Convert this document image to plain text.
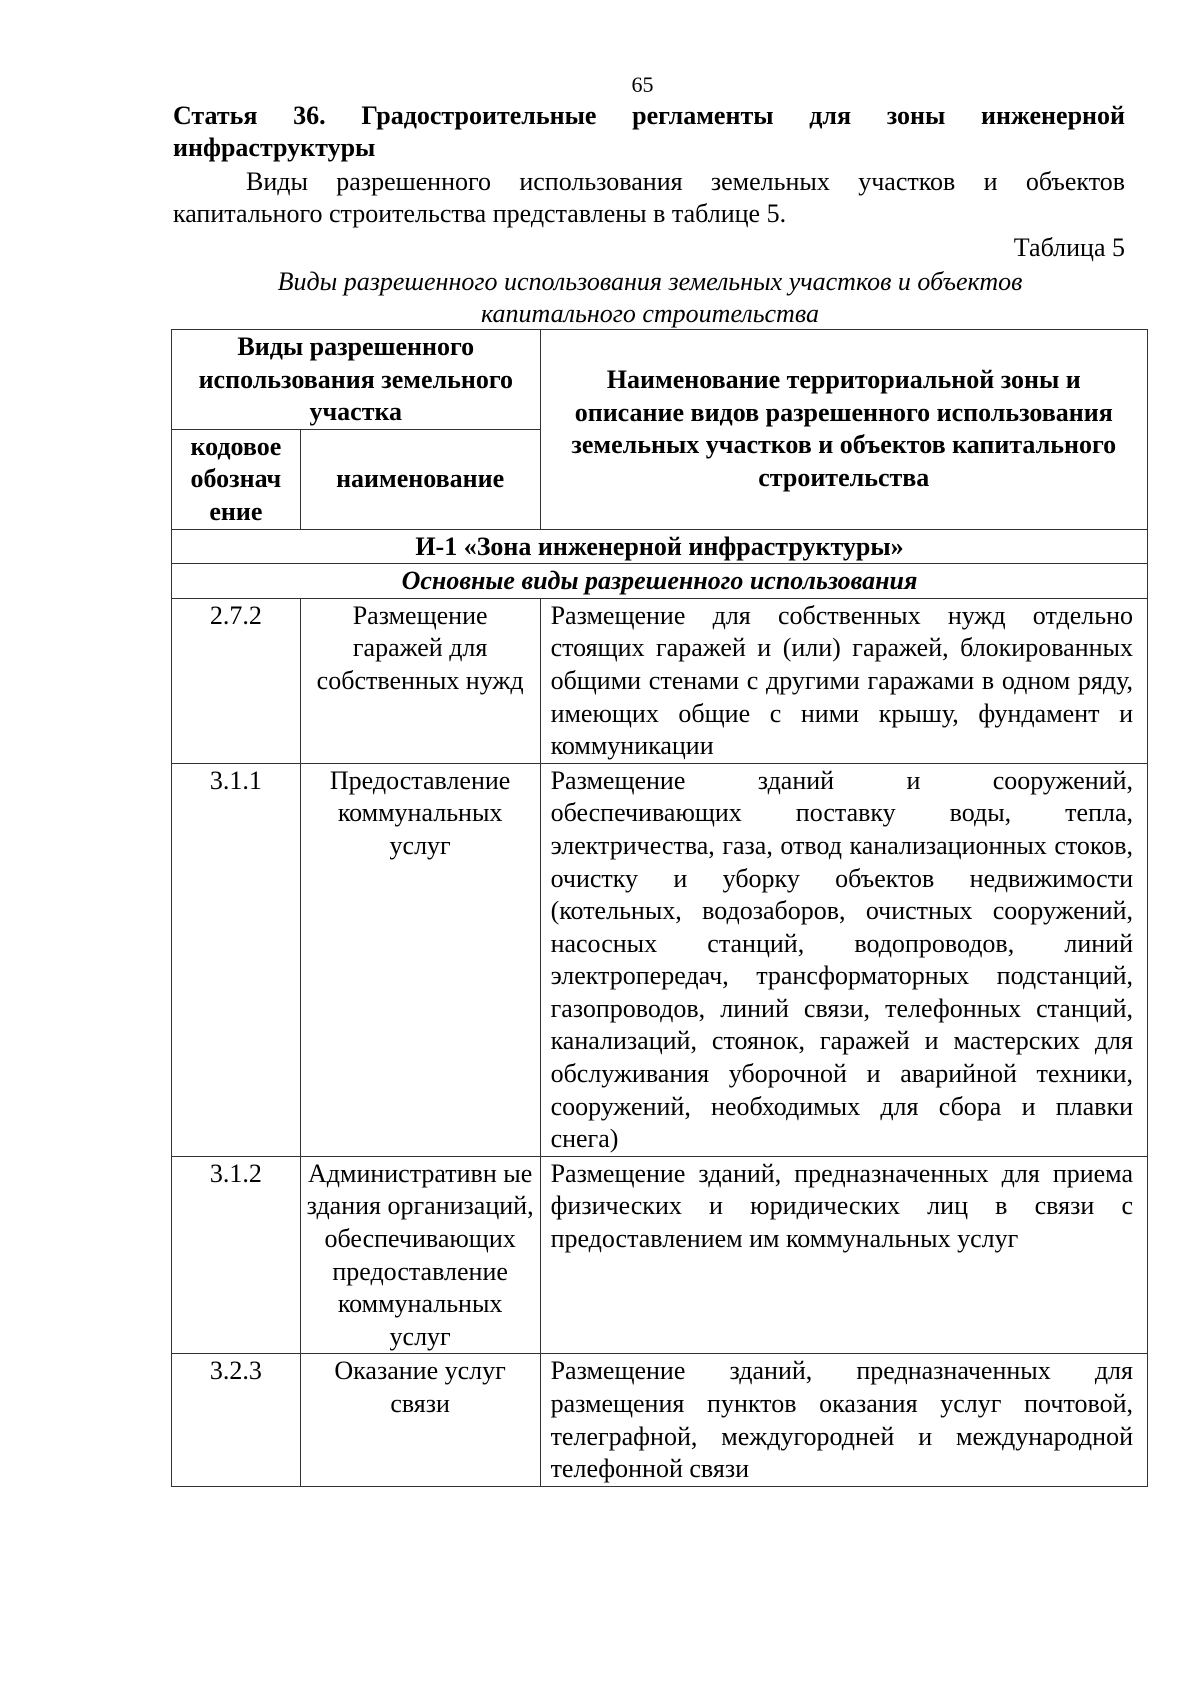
65
Статья 36. Градостроительные регламенты для зоны инженерной инфраструктуры
Виды разрешенного использования земельных участков и объектов капитального строительства представлены в таблице 5.
Таблица 5
Виды разрешенного использования земельных участков и объектов капитального строительства
Виды разрешенного использования земельного участка		Наименование территориальной зоны и описание видов разрешенного использования земельных участков и объектов капитального строительства
кодовое обознач ение	наименование	
И-1 «Зона инженерной инфраструктуры»		
Основные виды разрешенного использования		
2.7.2	Размещение гаражей для собственных нужд	Размещение для собственных нужд отдельно стоящих гаражей и (или) гаражей, блокированных общими стенами с другими гаражами в одном ряду, имеющих общие с ними крышу, фундамент и коммуникации
3.1.1	Предоставление коммунальных услуг	Размещение зданий и сооружений, обеспечивающих поставку воды, тепла, электричества, газа, отвод канализационных стоков, очистку и уборку объектов недвижимости (котельных, водозаборов, очистных сооружений, насосных станций, водопроводов, линий электропередач, трансформаторных подстанций, газопроводов, линий связи, телефонных станций, канализаций, стоянок, гаражей и мастерских для обслуживания уборочной и аварийной техники, сооружений, необходимых для сбора и плавки снега)
3.1.2	Административн ые здания организаций, обеспечивающих предоставление коммунальных услуг	Размещение зданий, предназначенных для приема физических и юридических лиц в связи с предоставлением им коммунальных услуг
3.2.3	Оказание услуг связи	Размещение зданий, предназначенных для размещения пунктов оказания услуг почтовой, телеграфной, междугородней и международной телефонной связи
